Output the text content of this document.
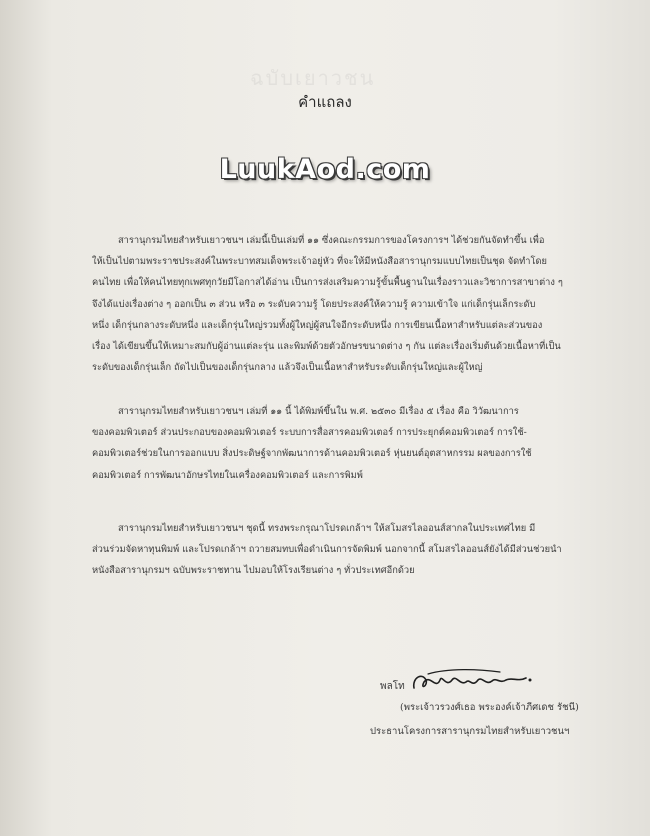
ฉบับเยาวชน
คำแถลง
LuukAod.com
สารานุกรมไทยสำหรับเยาวชนฯ เล่มนี้เป็นเล่มที่ ๑๑ ซึ่งคณะกรรมการของโครงการฯ ได้ช่วยกันจัดทำขึ้น เพื่อ
ให้เป็นไปตามพระราชประสงค์ในพระบาทสมเด็จพระเจ้าอยู่หัว ที่จะให้มีหนังสือสารานุกรมแบบไทยเป็นชุด จัดทำโดย
คนไทย เพื่อให้คนไทยทุกเพศทุกวัยมีโอกาสได้อ่าน เป็นการส่งเสริมความรู้ขั้นพื้นฐานในเรื่องราวและวิชาการสาขาต่าง ๆ
จึงได้แบ่งเรื่องต่าง ๆ ออกเป็น ๓ ส่วน หรือ ๓ ระดับความรู้ โดยประสงค์ให้ความรู้ ความเข้าใจ แก่เด็กรุ่นเล็กระดับ
หนึ่ง เด็กรุ่นกลางระดับหนึ่ง และเด็กรุ่นใหญ่รวมทั้งผู้ใหญ่ผู้สนใจอีกระดับหนึ่ง การเขียนเนื้อหาสำหรับแต่ละส่วนของ
เรื่อง ได้เขียนขึ้นให้เหมาะสมกับผู้อ่านแต่ละรุ่น และพิมพ์ด้วยตัวอักษรขนาดต่าง ๆ กัน แต่ละเรื่องเริ่มต้นด้วยเนื้อหาที่เป็น
ระดับของเด็กรุ่นเล็ก ถัดไปเป็นของเด็กรุ่นกลาง แล้วจึงเป็นเนื้อหาสำหรับระดับเด็กรุ่นใหญ่และผู้ใหญ่
สารานุกรมไทยสำหรับเยาวชนฯ เล่มที่ ๑๑ นี้ ได้พิมพ์ขึ้นใน พ.ศ. ๒๕๓๐ มีเรื่อง ๕ เรื่อง คือ วิวัฒนาการ
ของคอมพิวเตอร์ ส่วนประกอบของคอมพิวเตอร์ ระบบการสื่อสารคอมพิวเตอร์ การประยุกต์คอมพิวเตอร์ การใช้-
คอมพิวเตอร์ช่วยในการออกแบบ สิ่งประดิษฐ์จากพัฒนาการด้านคอมพิวเตอร์ หุ่นยนต์อุตสาหกรรม ผลของการใช้
คอมพิวเตอร์ การพัฒนาอักษรไทยในเครื่องคอมพิวเตอร์ และการพิมพ์
สารานุกรมไทยสำหรับเยาวชนฯ ชุดนี้ ทรงพระกรุณาโปรดเกล้าฯ ให้สโมสรไลออนส์สากลในประเทศไทย มี
ส่วนร่วมจัดหาทุนพิมพ์ และโปรดเกล้าฯ ถวายสมทบเพื่อดำเนินการจัดพิมพ์ นอกจากนี้ สโมสรไลออนส์ยังได้มีส่วนช่วยนำ
หนังสือสารานุกรมฯ ฉบับพระราชทาน ไปมอบให้โรงเรียนต่าง ๆ ทั่วประเทศอีกด้วย
พลโท
(พระเจ้าวรวงศ์เธอ พระองค์เจ้าภีศเดช รัชนี)
ประธานโครงการสารานุกรมไทยสำหรับเยาวชนฯ
